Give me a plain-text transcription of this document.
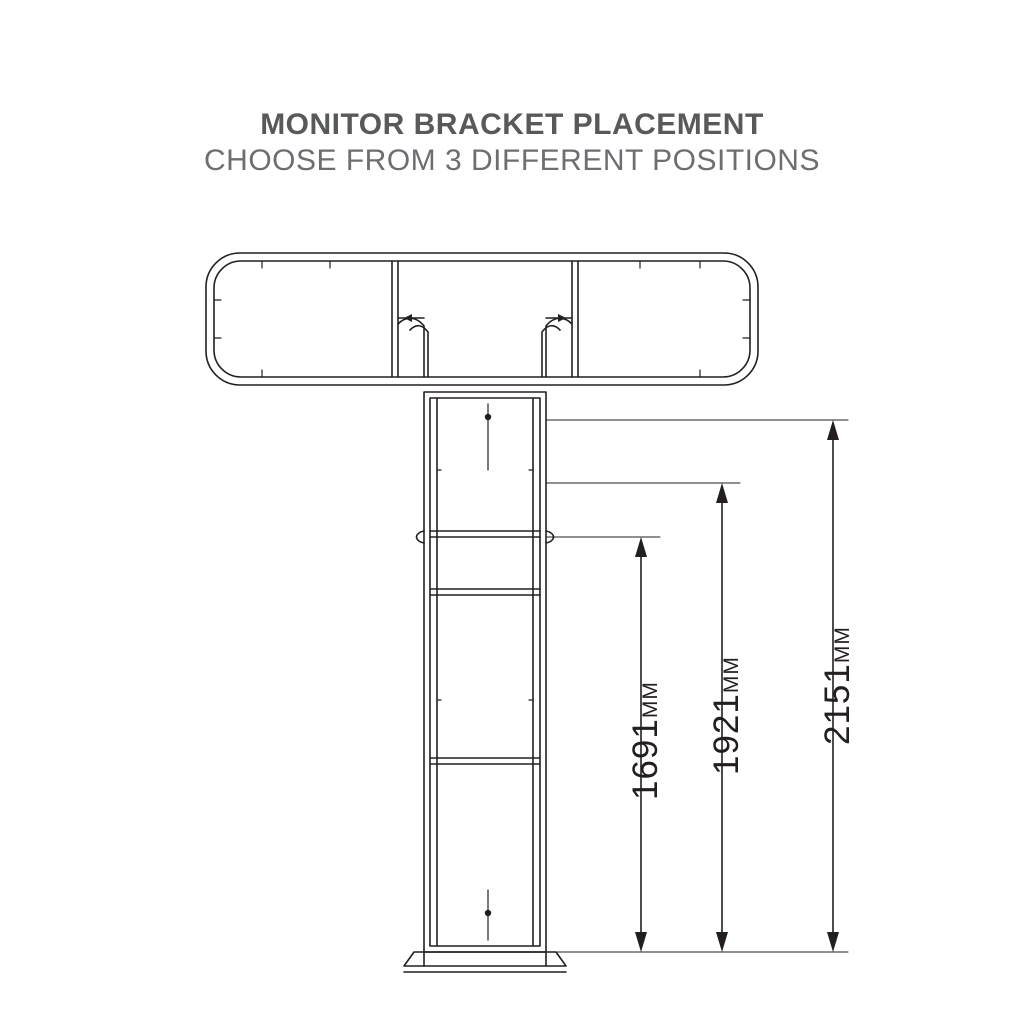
MONITOR BRACKET PLACEMENT
CHOOSE FROM 3 DIFFERENT POSITIONS
1691MM 1921MM 2151MM
